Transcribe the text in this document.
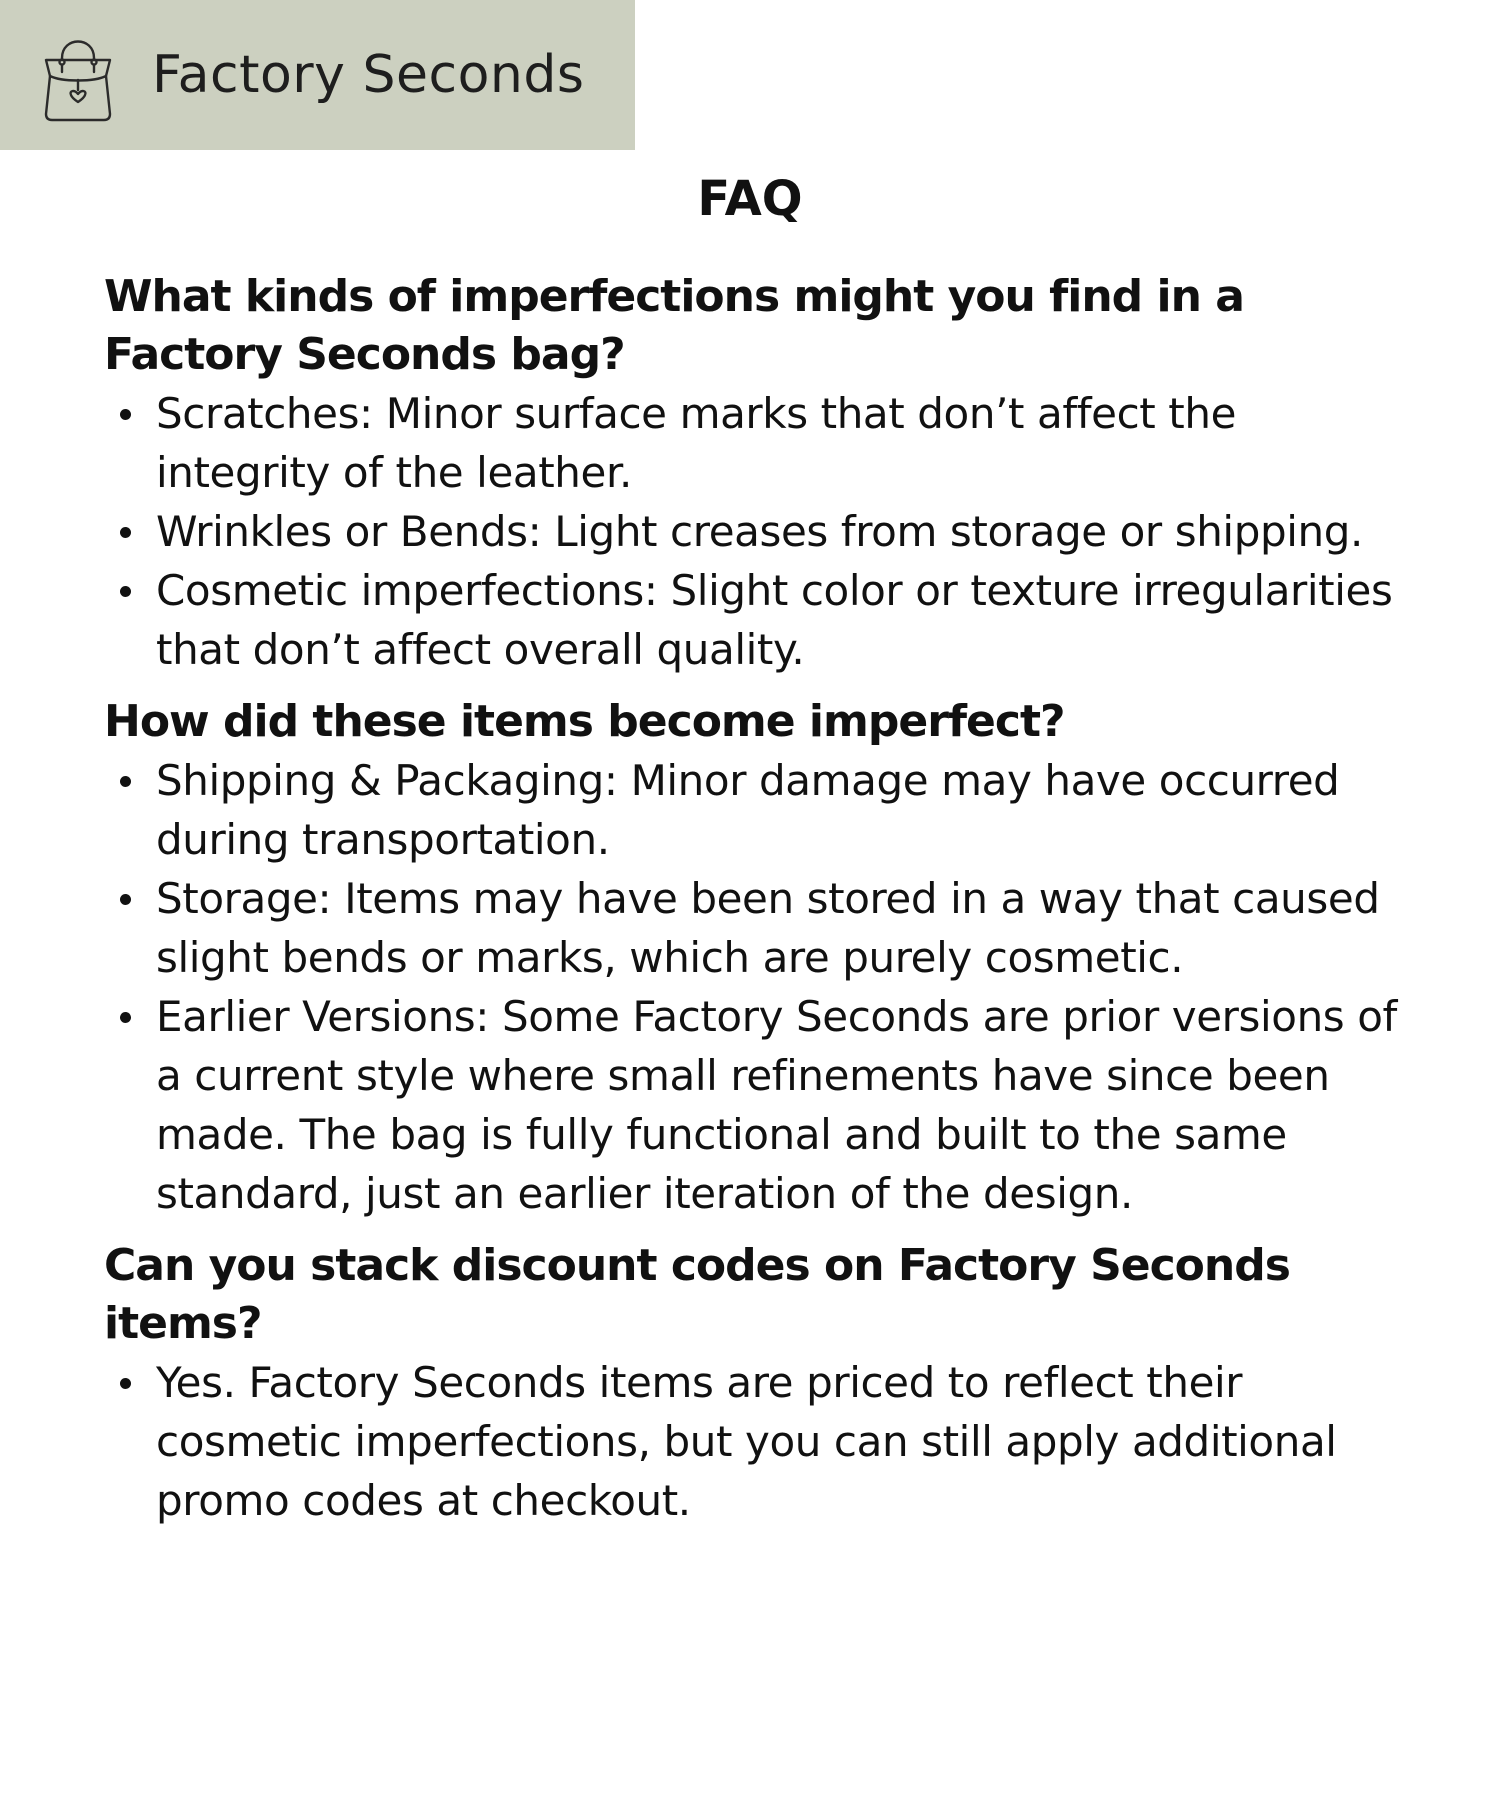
Factory Seconds
FAQ
What kinds of imperfections might you find in a Factory Seconds bag?
Scratches: Minor surface marks that don’t affect the integrity of the leather.
Wrinkles or Bends: Light creases from storage or shipping.
Cosmetic imperfections: Slight color or texture irregularities that don’t affect overall quality.
How did these items become imperfect?
Shipping & Packaging: Minor damage may have occurred during transportation.
Storage: Items may have been stored in a way that caused slight bends or marks, which are purely cosmetic.
Earlier Versions: Some Factory Seconds are prior versions of a current style where small refinements have since been made. The bag is fully functional and built to the same standard, just an earlier iteration of the design.
Can you stack discount codes on Factory Seconds items?
Yes. Factory Seconds items are priced to reflect their cosmetic imperfections, but you can still apply additional promo codes at checkout.
